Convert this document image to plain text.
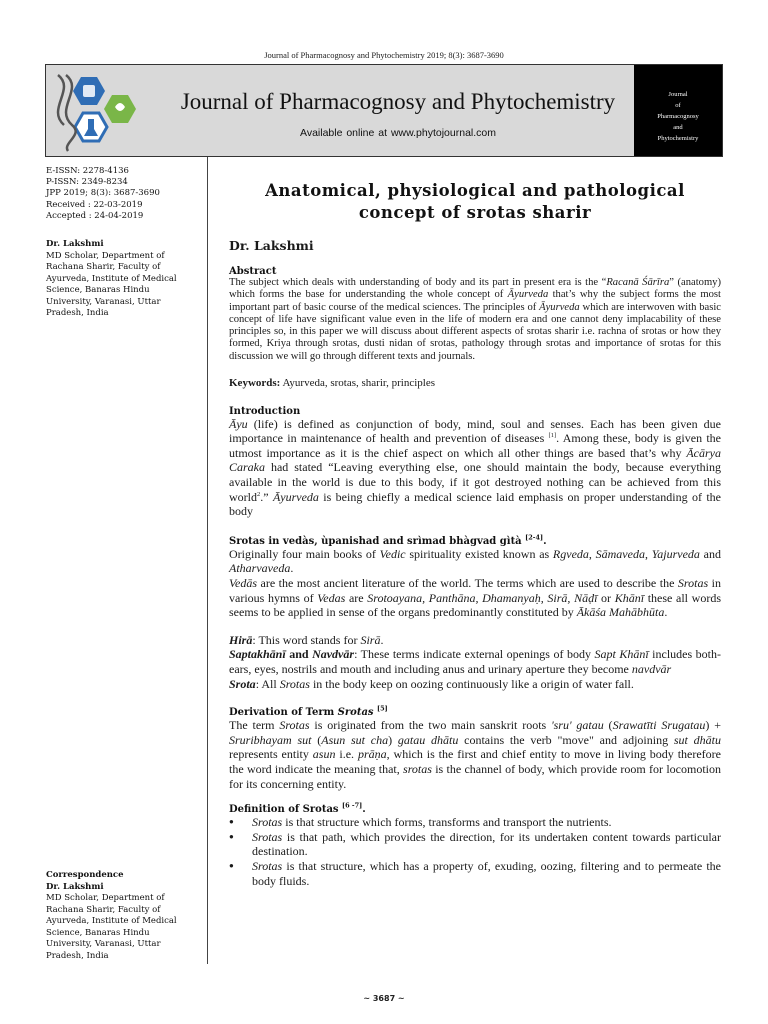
Journal of Pharmacognosy and Phytochemistry 2019; 8(3): 3687-3690
Journal of Pharmacognosy and Phytochemistry
Available online at www.phytojournal.com
Journal
of
Pharmacognosy
and
Phytochemistry
E-ISSN: 2278-4136
P-ISSN: 2349-8234
JPP 2019; 8(3): 3687-3690
Received : 22-03-2019
Accepted : 24-04-2019
Dr. Lakshmi
MD Scholar, Department of Rachana Sharir, Faculty of Ayurveda, Institute of Medical Science, Banaras Hindu University, Varanasi, Uttar Pradesh, India
Correspondence
Dr. Lakshmi
MD Scholar, Department of Rachana Sharir, Faculty of Ayurveda, Institute of Medical Science, Banaras Hindu University, Varanasi, Uttar Pradesh, India
Anatomical, physiological and pathological
concept of srotas sharir
Dr. Lakshmi
Abstract

The subject which deals with understanding of body and its part in present era is the “Racanā Śārīra” (anatomy) which forms the base for understanding the whole concept of Āyurveda that’s why the subject forms the most important part of basic course of the medical sciences. The principles of Āyurveda which are interwoven with basic concept of life have significant value even in the life of modern era and one cannot deny implacability of these principles so, in this paper we will discuss about different aspects of srotas sharir i.e. rachna of srotas or how they formed, Kriya through srotas, dusti nidan of srotas, pathology through srotas and importance of srotas for this discussion we will go through different texts and journals.

Keywords: Ayurveda, srotas, sharir, principles

Introduction

Āyu (life) is defined as conjunction of body, mind, soul and senses. Each has been given due importance in maintenance of health and prevention of diseases [1]. Among these, body is given the utmost importance as it is the chief aspect on which all other things are based that’s why Ācārya Caraka had stated “Leaving everything else, one should maintain the body, because everything available in the world is due to this body, if it got destroyed nothing can be achieved from this world$^2$.” Āyurveda is being chiefly a medical science laid emphasis on proper understanding of the body

Srotas in vedàs, ùpanishad and srìmad bhàgvad gìtà [2-4].

Originally four main books of Vedic spirituality existed known as Rgveda, Sāmaveda, Yajurveda and Atharvaveda.

Vedās are the most ancient literature of the world. The terms which are used to describe the Srotas in various hymns of Vedas are Srotoayana, Panthāna, Dhamanyaḥ, Sirā, Nāḍī or Khānī these all words seems to be applied in sense of the organs predominantly constituted by Ākāśa Mahābhūta.

Hirā: This word stands for Sirā.

Saptakhānī and Navdvār: These terms indicate external openings of body Sapt Khānī includes both-ears, eyes, nostrils and mouth and including anus and urinary aperture they become navdvār

Srota: All Srotas in the body keep on oozing continuously like a origin of water fall.

Derivation of Term Srotas [5]

The term Srotas is originated from the two main sanskrit roots 'sru' gatau (Srawatīti Srugatau) + Sruribhayam sut (Asun sut cha) gatau dhātu contains the verb "move" and adjoining sut dhātu represents entity asun i.e. prāṇa, which is the first and chief entity to move in living body therefore the word indicate the meaning that, srotas is the channel of body, which provide room for locomotion for its concerning entity.

Definition of Srotas [6 -7].
● Srotas is that structure which forms, transforms and transport the nutrients.
● Srotas is that path, which provides the direction, for its undertaken content towards particular destination.
● Srotas is that structure, which has a property of, exuding, oozing, filtering and to permeate the body fluids.
~ 3687 ~
